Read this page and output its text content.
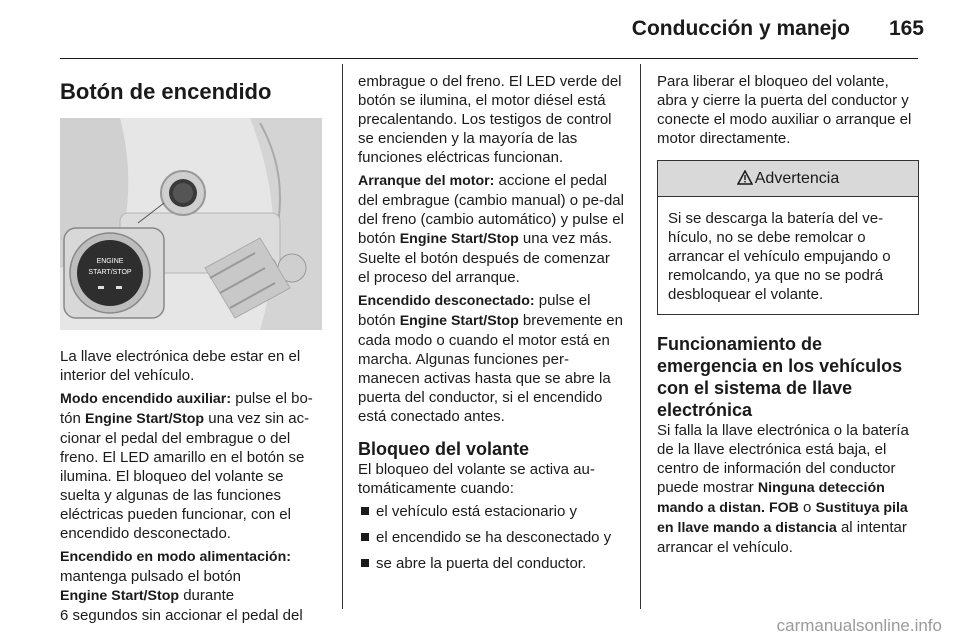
Conducción y manejo 165
Botón de encendido
ENGINE
START/STOP

La llave electrónica debe estar en el interior del vehículo.

Modo encendido auxiliar: pulse el bo-
tón Engine Start/Stop una vez sin ac-
cionar el pedal del embrague o del freno. El LED amarillo en el botón se ilumina. El bloqueo del volante se suelta y algunas de las funciones eléctricas pueden funcionar, con el encendido desconectado.

Encendido en modo alimentación:
mantenga pulsado el botón
Engine Start/Stop durante
6 segundos sin accionar el pedal del

embrague o del freno. El LED verde del botón se ilumina, el motor diésel está precalentando. Los testigos de control se encienden y la mayoría de las funciones eléctricas funcionan.

Arranque del motor: accione el pedal del embrague (cambio manual) o pe-dal del freno (cambio automático) y pulse el botón Engine Start/Stop una vez más. Suelte el botón después de comenzar el proceso del arranque.

Encendido desconectado: pulse el botón Engine Start/Stop brevemente en cada modo o cuando el motor está en marcha. Algunas funciones per-manecen activas hasta que se abre la puerta del conductor, si el encendido está conectado antes.

Bloqueo del volante

El bloqueo del volante se activa au-tomáticamente cuando:

el vehículo está estacionario y
el encendido se ha desconectado y
se abre la puerta del conductor.

Para liberar el bloqueo del volante, abra y cierre la puerta del conductor y conecte el modo auxiliar o arranque el motor directamente.

Advertencia
Si se descarga la batería del ve-hículo, no se debe remolcar o arrancar el vehículo empujando o remolcando, ya que no se podrá desbloquear el volante.
Funcionamiento de emergencia en los vehículos con el sistema de llave electrónica

Si falla la llave electrónica o la batería de la llave electrónica está baja, el centro de información del conductor puede mostrar Ninguna detección mando a distan. FOB o Sustituya pila en llave mando a distancia al intentar arrancar el vehículo.

carmanualsonline.info
